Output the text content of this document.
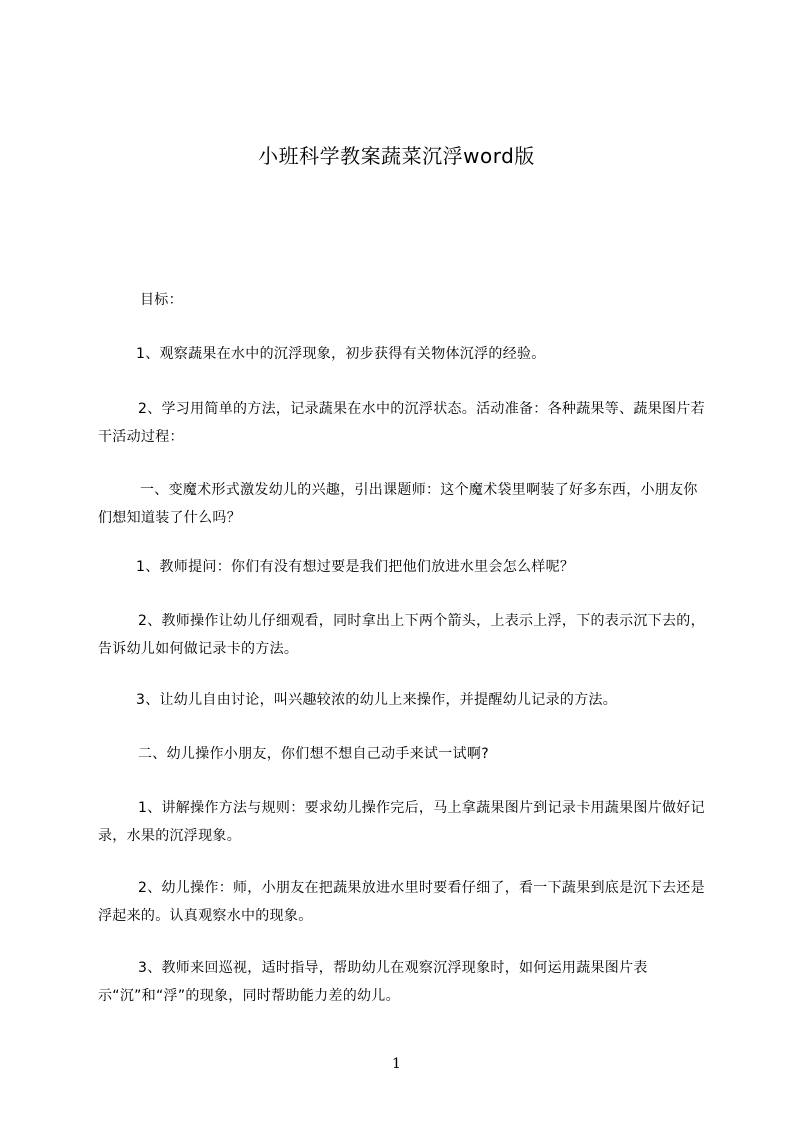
小班科学教案蔬菜沉浮word版
目标：
1、观察蔬果在水中的沉浮现象，初步获得有关物体沉浮的经验。
2、学习用简单的方法，记录蔬果在水中的沉浮状态。活动准备：各种蔬果等、蔬果图片若干活动过程：
一、变魔术形式激发幼儿的兴趣，引出课题师：这个魔术袋里啊装了好多东西，小朋友你们想知道装了什么吗？
1、教师提问：你们有没有想过要是我们把他们放进水里会怎么样呢？
2、教师操作让幼儿仔细观看，同时拿出上下两个箭头，上表示上浮，下的表示沉下去的，告诉幼儿如何做记录卡的方法。
3、让幼儿自由讨论，叫兴趣较浓的幼儿上来操作，并提醒幼儿记录的方法。
二、幼儿操作小朋友，你们想不想自己动手来试一试啊?
1、讲解操作方法与规则：要求幼儿操作完后，马上拿蔬果图片到记录卡用蔬果图片做好记录，水果的沉浮现象。
2、幼儿操作：师，小朋友在把蔬果放进水里时要看仔细了，看一下蔬果到底是沉下去还是浮起来的。认真观察水中的现象。
3、教师来回巡视，适时指导，帮助幼儿在观察沉浮现象时，如何运用蔬果图片表示“沉”和“浮”的现象，同时帮助能力差的幼儿。
1
